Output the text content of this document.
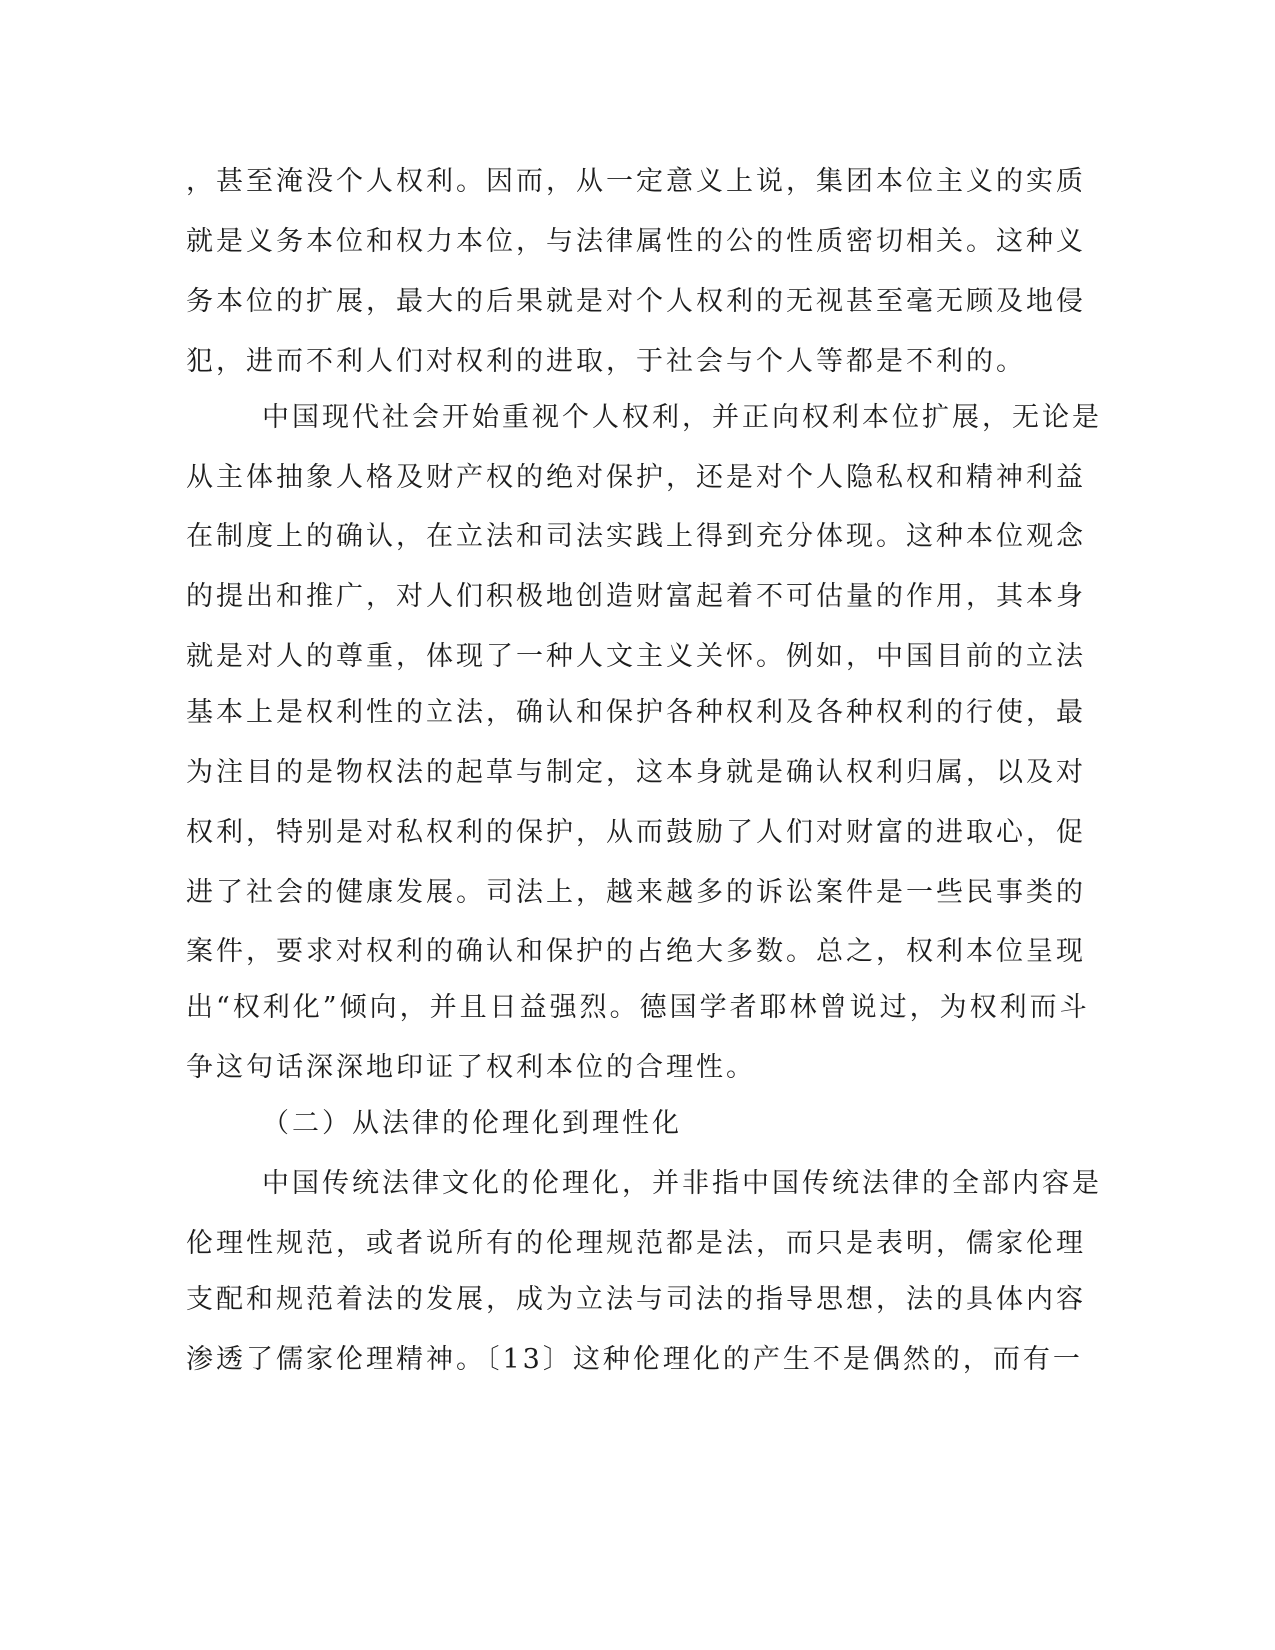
，甚至淹没个人权利。因而，从一定意义上说，集团本位主义的实质
就是义务本位和权力本位，与法律属性的公的性质密切相关。这种义
务本位的扩展，最大的后果就是对个人权利的无视甚至毫无顾及地侵
犯，进而不利人们对权利的进取，于社会与个人等都是不利的。
中国现代社会开始重视个人权利，并正向权利本位扩展，无论是
从主体抽象人格及财产权的绝对保护，还是对个人隐私权和精神利益
在制度上的确认，在立法和司法实践上得到充分体现。这种本位观念
的提出和推广，对人们积极地创造财富起着不可估量的作用，其本身
就是对人的尊重，体现了一种人文主义关怀。例如，中国目前的立法
基本上是权利性的立法，确认和保护各种权利及各种权利的行使，最
为注目的是物权法的起草与制定，这本身就是确认权利归属，以及对
权利，特别是对私权利的保护，从而鼓励了人们对财富的进取心，促
进了社会的健康发展。司法上，越来越多的诉讼案件是一些民事类的
案件，要求对权利的确认和保护的占绝大多数。总之，权利本位呈现
出“权利化”倾向，并且日益强烈。德国学者耶林曾说过，为权利而斗
争这句话深深地印证了权利本位的合理性。
（二）从法律的伦理化到理性化
中国传统法律文化的伦理化，并非指中国传统法律的全部内容是
伦理性规范，或者说所有的伦理规范都是法，而只是表明，儒家伦理
支配和规范着法的发展，成为立法与司法的指导思想，法的具体内容
渗透了儒家伦理精神。〔13〕这种伦理化的产生不是偶然的，而有一
